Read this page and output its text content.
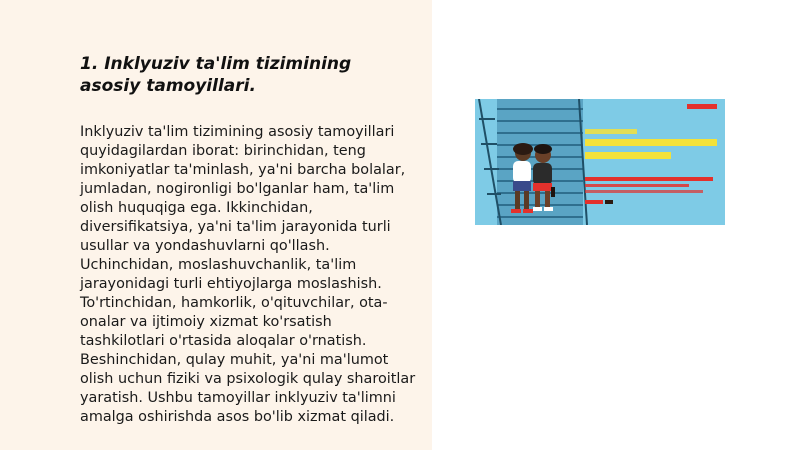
1. Inklyuziv ta'lim tizimining asosiy tamoyillari.

Inklyuziv ta'lim tizimining asosiy tamoyillari quyidagilardan iborat: birinchidan, teng imkoniyatlar ta'minlash, ya'ni barcha bolalar, jumladan, nogironligi bo'lganlar ham, ta'lim olish huquqiga ega. Ikkinchidan, diversifikatsiya, ya'ni ta'lim jarayonida turli usullar va yondashuvlarni qo'llash. Uchinchidan, moslashuvchanlik, ta'lim jarayonidagi turli ehtiyojlarga moslashish. To'rtinchidan, hamkorlik, o'qituvchilar, ota-onalar va ijtimoiy xizmat ko'rsatish tashkilotlari o'rtasida aloqalar o'rnatish. Beshinchidan, qulay muhit, ya'ni ma'lumot olish uchun fiziki va psixologik qulay sharoitlar yaratish. Ushbu tamoyillar inklyuziv ta'limni amalga oshirishda asos bo'lib xizmat qiladi.
